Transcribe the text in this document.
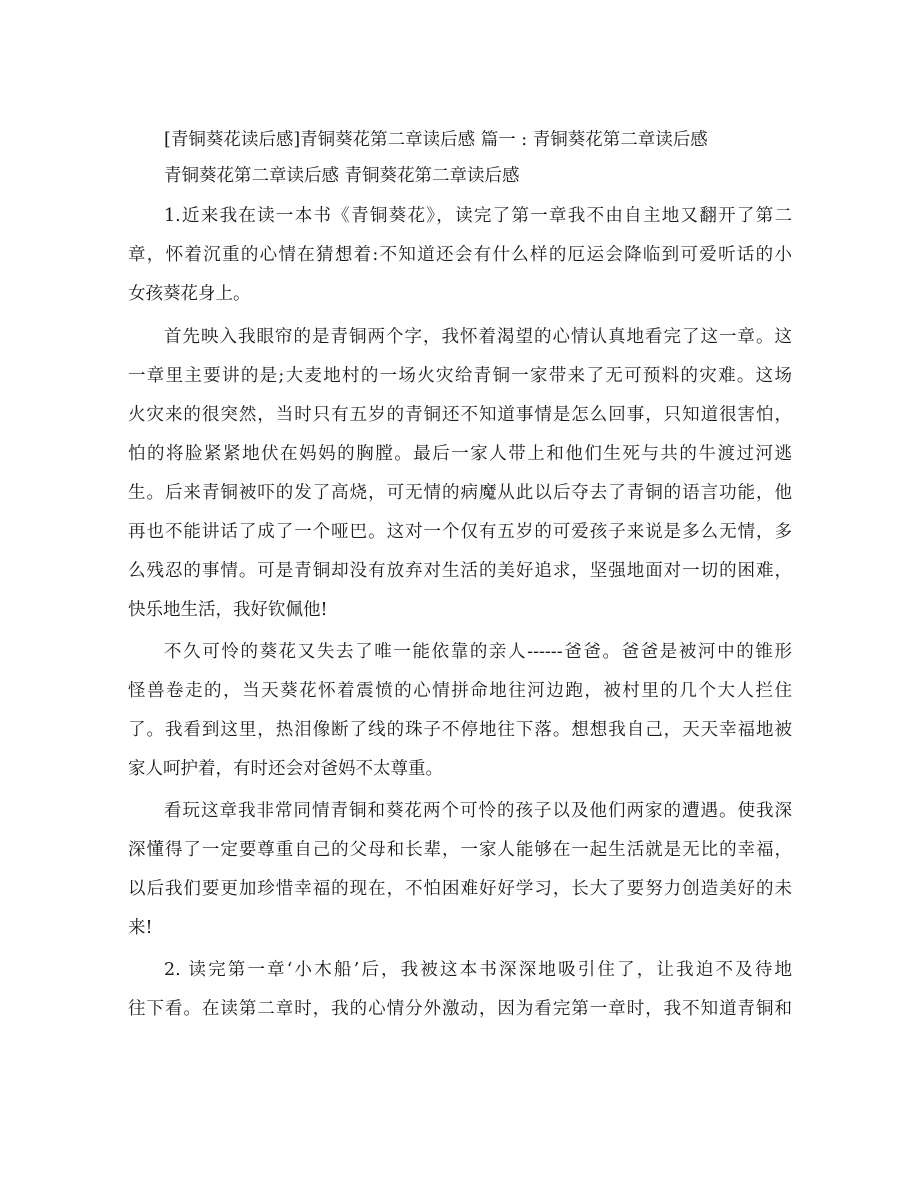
[青铜葵花读后感]青铜葵花第二章读后感 篇一 : 青铜葵花第二章读后感
青铜葵花第二章读后感 青铜葵花第二章读后感
1.近来我在读一本书《青铜葵花》，读完了第一章我不由自主地又翻开了第二
章，怀着沉重的心情在猜想着:不知道还会有什么样的厄运会降临到可爱听话的小
女孩葵花身上。
首先映入我眼帘的是青铜两个字，我怀着渴望的心情认真地看完了这一章。这
一章里主要讲的是;大麦地村的一场火灾给青铜一家带来了无可预料的灾难。这场
火灾来的很突然，当时只有五岁的青铜还不知道事情是怎么回事，只知道很害怕，
怕的将脸紧紧地伏在妈妈的胸膛。最后一家人带上和他们生死与共的牛渡过河逃
生。后来青铜被吓的发了高烧，可无情的病魔从此以后夺去了青铜的语言功能，他
再也不能讲话了成了一个哑巴。这对一个仅有五岁的可爱孩子来说是多么无情，多
么残忍的事情。可是青铜却没有放弃对生活的美好追求，坚强地面对一切的困难，
快乐地生活，我好钦佩他!
不久可怜的葵花又失去了唯一能依靠的亲人------爸爸。爸爸是被河中的锥形
怪兽卷走的，当天葵花怀着震愤的心情拼命地往河边跑，被村里的几个大人拦住
了。我看到这里，热泪像断了线的珠子不停地往下落。想想我自己，天天幸福地被
家人呵护着，有时还会对爸妈不太尊重。
看玩这章我非常同情青铜和葵花两个可怜的孩子以及他们两家的遭遇。使我深
深懂得了一定要尊重自己的父母和长辈，一家人能够在一起生活就是无比的幸福，
以后我们要更加珍惜幸福的现在，不怕困难好好学习，长大了要努力创造美好的未
来!
2. 读完第一章‘小木船’后，我被这本书深深地吸引住了，让我迫不及待地
往下看。在读第二章时，我的心情分外激动，因为看完第一章时，我不知道青铜和
